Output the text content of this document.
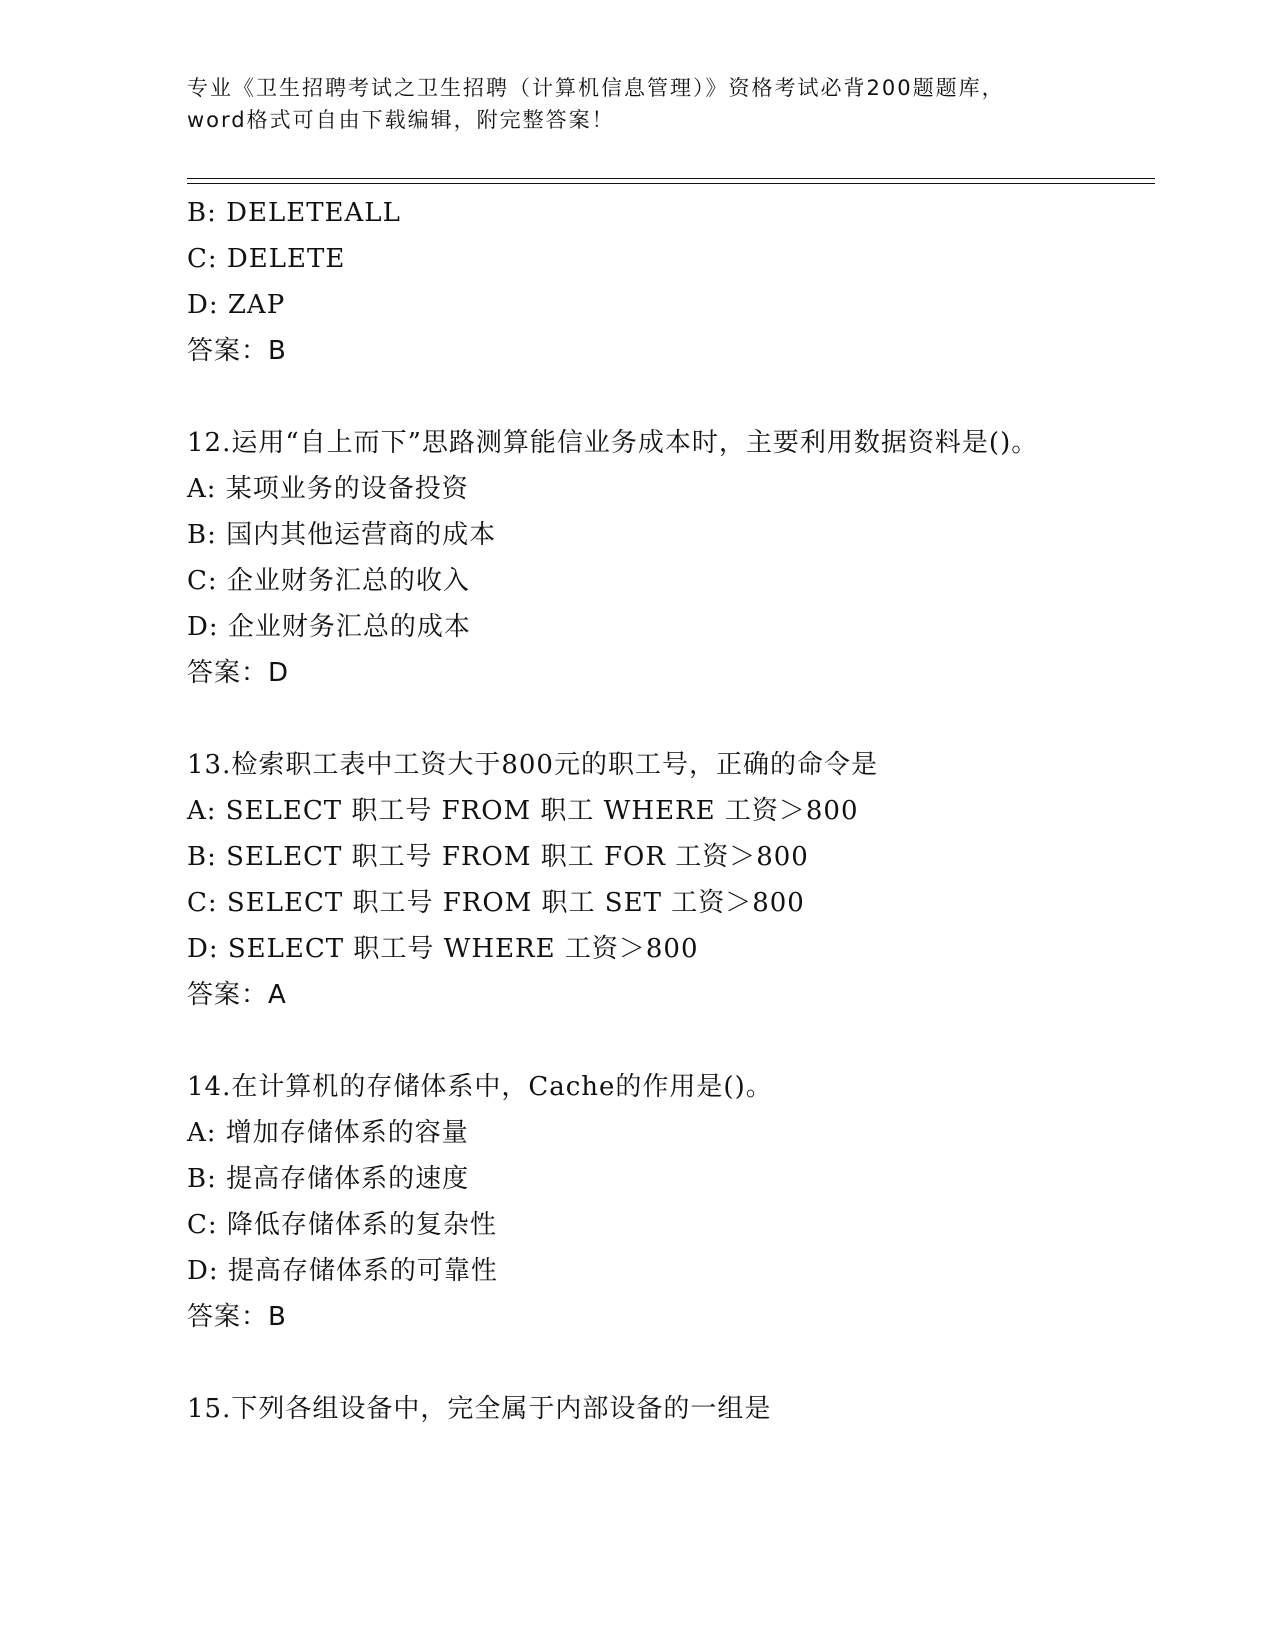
专业《卫生招聘考试之卫生招聘（计算机信息管理）》资格考试必背200题题库，
word格式可自由下载编辑，附完整答案！
B: DELETEALL
C: DELETE
D: ZAP
答案：B
12.运用“自上而下”思路测算能信业务成本时，主要利用数据资料是()。
A: 某项业务的设备投资
B: 国内其他运营商的成本
C: 企业财务汇总的收入
D: 企业财务汇总的成本
答案：D
13.检索职工表中工资大于800元的职工号，正确的命令是
A: SELECT 职工号 FROM 职工 WHERE 工资＞800
B: SELECT 职工号 FROM 职工 FOR 工资＞800
C: SELECT 职工号 FROM 职工 SET 工资＞800
D: SELECT 职工号 WHERE 工资＞800
答案：A
14.在计算机的存储体系中，Cache的作用是()。
A: 增加存储体系的容量
B: 提高存储体系的速度
C: 降低存储体系的复杂性
D: 提高存储体系的可靠性
答案：B
15.下列各组设备中，完全属于内部设备的一组是
